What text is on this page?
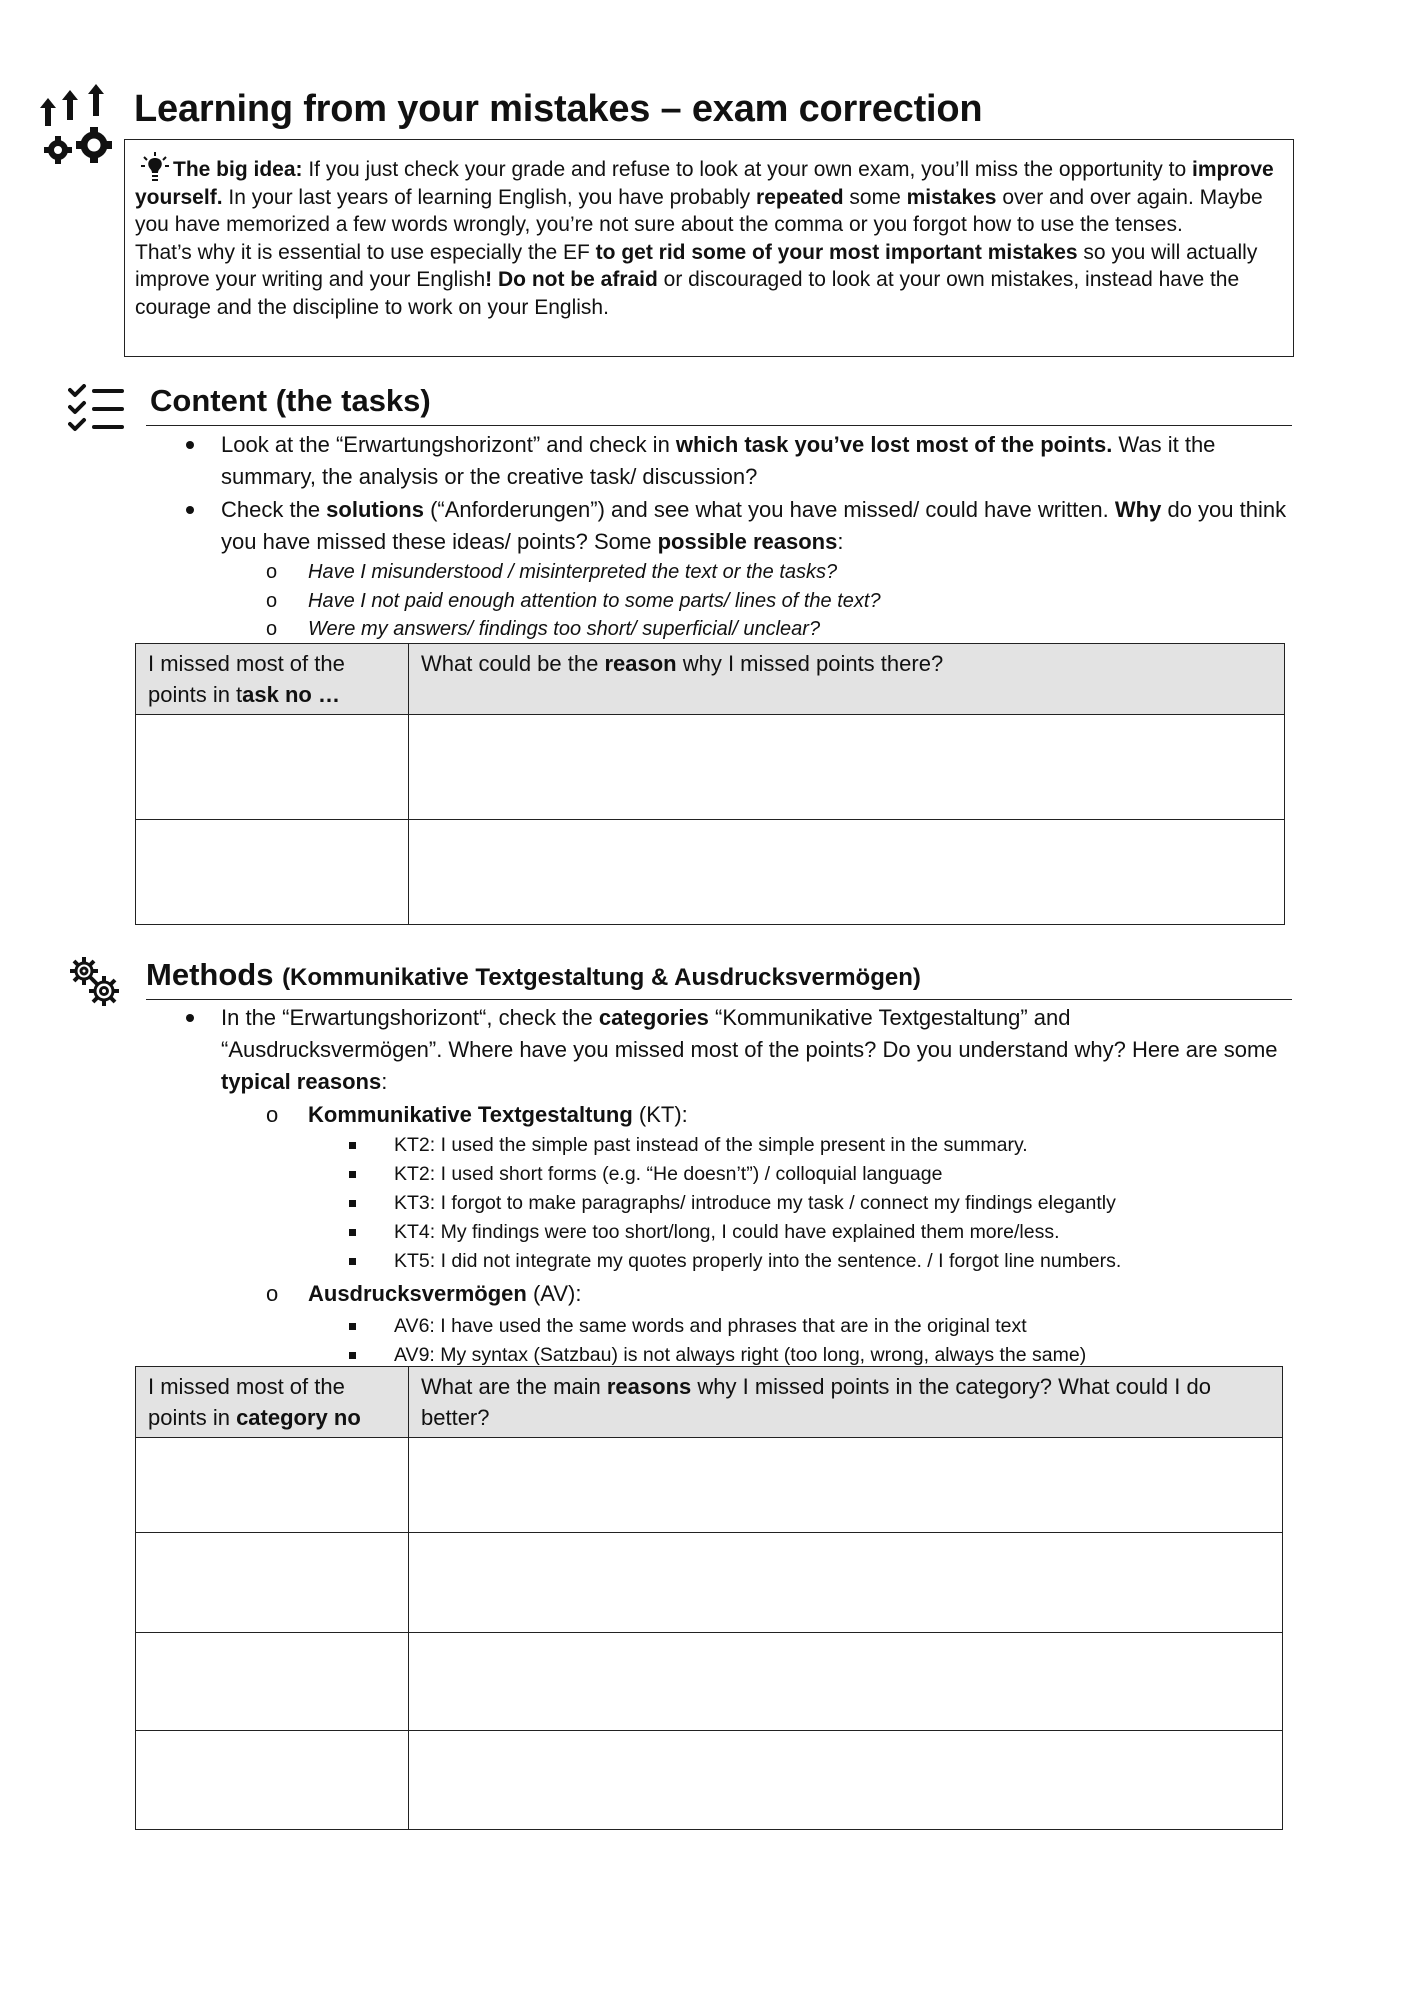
Learning from your mistakes – exam correction
The big idea: If you just check your grade and refuse to look at your own exam, you’ll miss the opportunity to improve yourself. In your last years of learning English, you have probably repeated some mistakes over and over again. Maybe you have memorized a few words wrongly, you’re not sure about the comma or you forgot how to use the tenses.
That’s why it is essential to use especially the EF to get rid some of your most important mistakes so you will actually improve your writing and your English! Do not be afraid or discouraged to look at your own mistakes, instead have the courage and the discipline to work on your English.
Content (the tasks)
Look at the “Erwartungshorizont” and check in which task you’ve lost most of the points. Was it the summary, the analysis or the creative task/ discussion?
Check the solutions (“Anforderungen”) and see what you have missed/ could have written. Why do you think you have missed these ideas/ points? Some possible reasons:
o Have I misunderstood / misinterpreted the text or the tasks?
o Have I not paid enough attention to some parts/ lines of the text?
o Were my answers/ findings too short/ superficial/ unclear?
I missed most of the points in task no …	What could be the reason why I missed points there?

Methods (Kommunikative Textgestaltung & Ausdrucksvermögen)
In the “Erwartungshorizont“, check the categories “Kommunikative Textgestaltung” and “Ausdrucksvermögen”. Where have you missed most of the points? Do you understand why? Here are some typical reasons:
o Kommunikative Textgestaltung (KT):
KT2: I used the simple past instead of the simple present in the summary.
KT2: I used short forms (e.g. “He doesn’t”) / colloquial language
KT3: I forgot to make paragraphs/ introduce my task / connect my findings elegantly
KT4: My findings were too short/long, I could have explained them more/less.
KT5: I did not integrate my quotes properly into the sentence. / I forgot line numbers.
o Ausdrucksvermögen (AV):
AV6: I have used the same words and phrases that are in the original text
AV9: My syntax (Satzbau) is not always right (too long, wrong, always the same)
I missed most of the points in category no	What are the main reasons why I missed points in the category? What could I do better?
